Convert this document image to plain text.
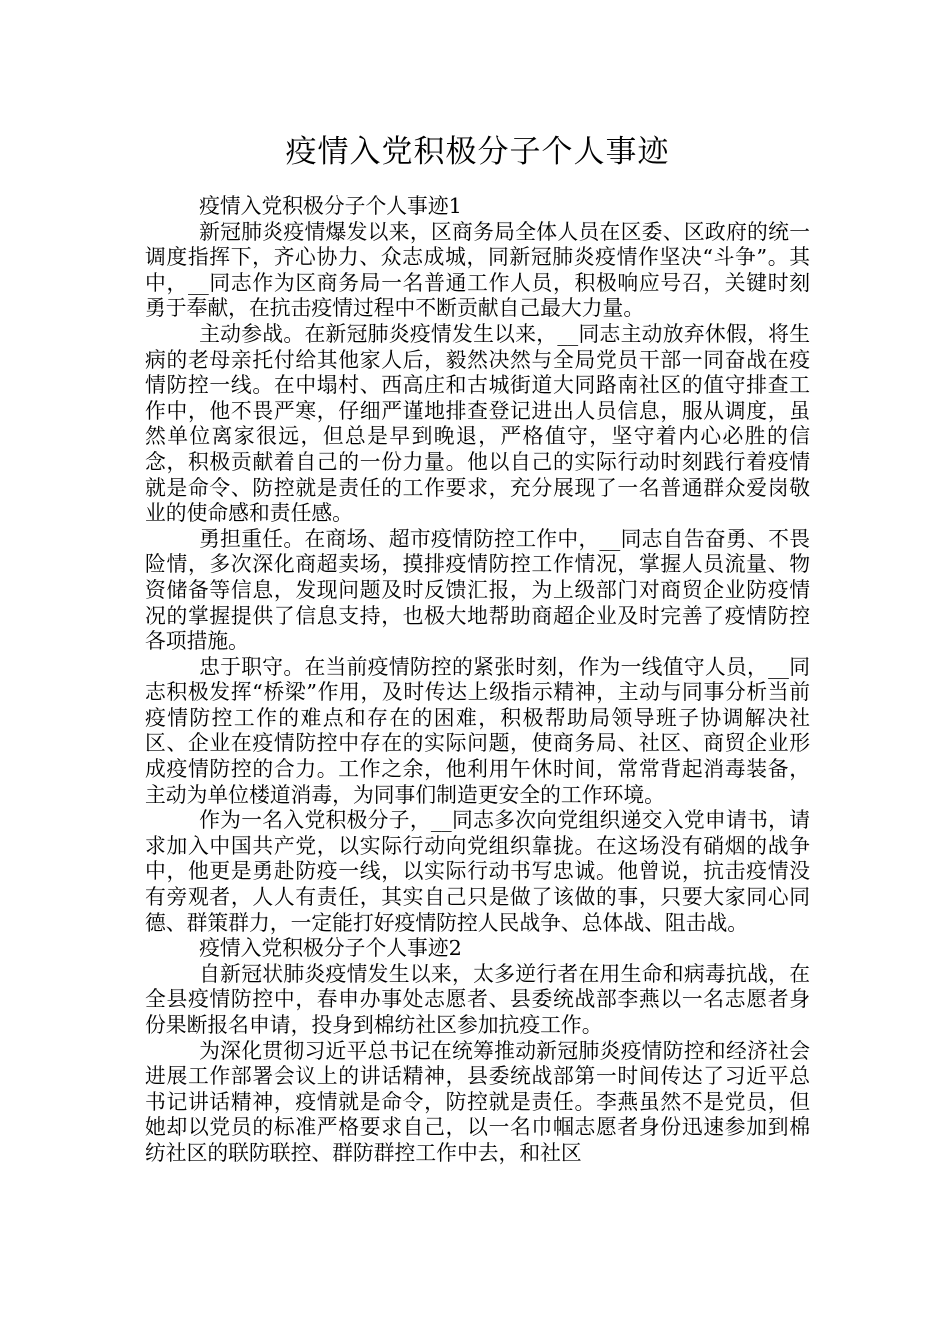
疫情入党积极分子个人事迹

疫情入党积极分子个人事迹1

新冠肺炎疫情爆发以来，区商务局全体人员在区委、区政府的统一调度指挥下，齐心协力、众志成城，同新冠肺炎疫情作坚决“斗争”。其中，__同志作为区商务局一名普通工作人员，积极响应号召，关键时刻勇于奉献，在抗击疫情过程中不断贡献自己最大力量。

主动参战。在新冠肺炎疫情发生以来，__同志主动放弃休假，将生病的老母亲托付给其他家人后，毅然决然与全局党员干部一同奋战在疫情防控一线。在中塌村、西高庄和古城街道大同路南社区的值守排查工作中，他不畏严寒，仔细严谨地排查登记进出人员信息，服从调度，虽然单位离家很远，但总是早到晚退，严格值守，坚守着内心必胜的信念，积极贡献着自己的一份力量。他以自己的实际行动时刻践行着疫情就是命令、防控就是责任的工作要求，充分展现了一名普通群众爱岗敬业的使命感和责任感。

勇担重任。在商场、超市疫情防控工作中，__同志自告奋勇、不畏险情，多次深化商超卖场，摸排疫情防控工作情况，掌握人员流量、物资储备等信息，发现问题及时反馈汇报，为上级部门对商贸企业防疫情况的掌握提供了信息支持，也极大地帮助商超企业及时完善了疫情防控各项措施。

忠于职守。在当前疫情防控的紧张时刻，作为一线值守人员，__同志积极发挥“桥梁”作用，及时传达上级指示精神，主动与同事分析当前疫情防控工作的难点和存在的困难，积极帮助局领导班子协调解决社区、企业在疫情防控中存在的实际问题，使商务局、社区、商贸企业形成疫情防控的合力。工作之余，他利用午休时间，常常背起消毒装备，主动为单位楼道消毒，为同事们制造更安全的工作环境。

作为一名入党积极分子，__同志多次向党组织递交入党申请书，请求加入中国共产党，以实际行动向党组织靠拢。在这场没有硝烟的战争中，他更是勇赴防疫一线，以实际行动书写忠诚。他曾说，抗击疫情没有旁观者，人人有责任，其实自己只是做了该做的事，只要大家同心同德、群策群力，一定能打好疫情防控人民战争、总体战、阻击战。

疫情入党积极分子个人事迹2

自新冠状肺炎疫情发生以来，太多逆行者在用生命和病毒抗战，在全县疫情防控中，春申办事处志愿者、县委统战部李燕以一名志愿者身份果断报名申请，投身到棉纺社区参加抗疫工作。

为深化贯彻习近平总书记在统筹推动新冠肺炎疫情防控和经济社会进展工作部署会议上的讲话精神，县委统战部第一时间传达了习近平总书记讲话精神，疫情就是命令，防控就是责任。李燕虽然不是党员，但她却以党员的标准严格要求自己，以一名巾帼志愿者身份迅速参加到棉纺社区的联防联控、群防群控工作中去，和社区
